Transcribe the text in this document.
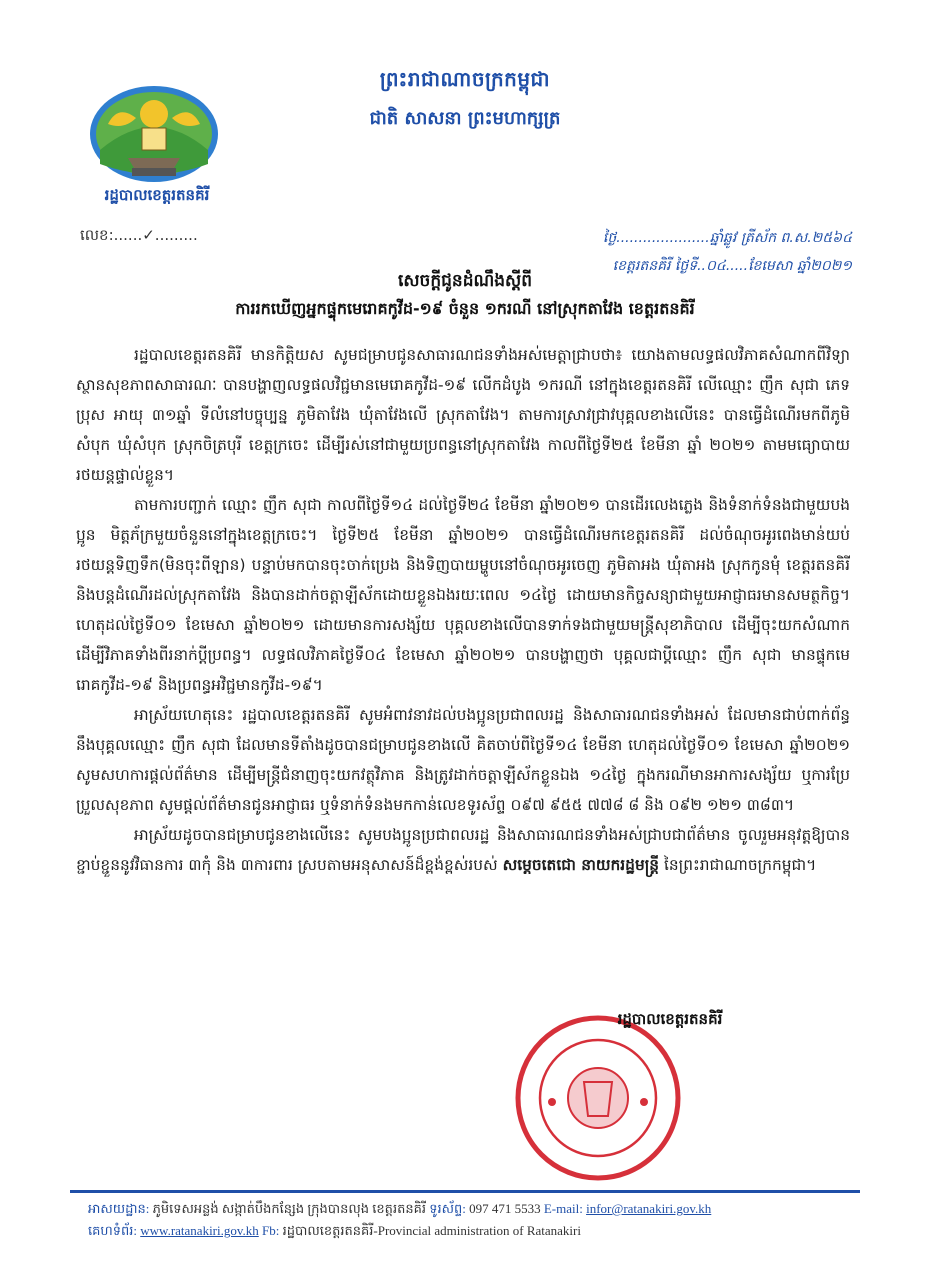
ព្រះរាជាណាចក្រកម្ពុជា
ជាតិ សាសនា ព្រះមហាក្សត្រ
រដ្ឋបាលខេត្តរតនគិរី
លេខ:......✓.........	ថ្ងៃ.....................ឆ្នាំឆ្លូវ ត្រីស័ក ព.ស.២៥៦៤
ខេត្តរតនគិរី ថ្ងៃទី..០៤.....ខែមេសា ឆ្នាំ២០២១
សេចក្តីជូនដំណឹងស្តីពី
ការរកឃើញអ្នកផ្ទុកមេរោគកូវីដ-១៩ ចំនួន ១ករណី នៅស្រុកតាវែង ខេត្តរតនគិរី

រដ្ឋបាលខេត្តរតនគិរី មានកិត្តិយស សូមជម្រាបជូនសាធារណជនទាំងអស់មេត្តាជ្រាបថា៖ យោងតាមលទ្ធផលវិភាគសំណាកពីវិទ្យាស្ថានសុខភាពសាធារណៈ បានបង្ហាញលទ្ធផលវិជ្ជមានមេរោគកូវីដ-១៩ លើកដំបូង ១ករណី នៅក្នុងខេត្តរតនគិរី លើឈ្មោះ ញឹក សុជា ភេទប្រុស អាយុ ៣១ឆ្នាំ ទីលំនៅបច្ចុប្បន្ន ភូមិតាវែង ឃុំតាវែងលើ ស្រុកតាវែង។ តាមការស្រាវជ្រាវបុគ្គលខាងលើនេះ បានធ្វើដំណើរមកពីភូមិសំបុក ឃុំសំបុក ស្រុកចិត្របុរី ខេត្តក្រចេះ ដើម្បីរស់នៅជាមួយប្រពន្ធនៅស្រុកតាវែង កាលពីថ្ងៃទី២៥ ខែមីនា ឆ្នាំ ២០២១ តាមមធ្យោបាយរថយន្តផ្ទាល់ខ្លួន។

តាមការបញ្ជាក់ ឈ្មោះ ញឹក សុជា កាលពីថ្ងៃទី១៤ ដល់ថ្ងៃទី២៤ ខែមីនា ឆ្នាំ២០២១ បានដើរលេងភ្លេង និងទំនាក់ទំនងជាមួយបងប្អូន មិត្តភ័ក្រមួយចំនួននៅក្នុងខេត្តក្រចេះ។ ថ្ងៃទី២៥ ខែមីនា ឆ្នាំ២០២១ បានធ្វើដំណើរមកខេត្តរតនគិរី ដល់ចំណុចអូរពេងមាន់យប់រថយន្តទិញទឹក(មិនចុះពីឡាន) បន្ទាប់មកបានចុះចាក់ប្រេង និងទិញបាយម្ហូបនៅចំណុចអូរចេញ ភូមិតាអង ឃុំតាអង ស្រុកកូនមុំ ខេត្តរតនគិរី និងបន្តដំណើរដល់ស្រុកតាវែង និងបានដាក់ចត្តាឡីស័កដោយខ្លួនឯងរយៈពេល ១៤ថ្ងៃ ដោយមានកិច្ចសន្យាជាមួយអាជ្ញាធរមានសមត្ថកិច្ច។ ហេតុដល់ថ្ងៃទី០១ ខែមេសា ឆ្នាំ២០២១ ដោយមានការសង្ស័យ បុគ្គលខាងលើបានទាក់ទងជាមួយមន្ត្រីសុខាភិបាល ដើម្បីចុះយកសំណាកដើម្បីវិភាគទាំងពីរនាក់ប្តីប្រពន្ធ។ លទ្ធផលវិភាគថ្ងៃទី០៤ ខែមេសា ឆ្នាំ២០២១ បានបង្ហាញថា បុគ្គលជាប្តីឈ្មោះ ញឹក សុជា មានផ្ទុកមេរោគកូវីដ-១៩ និងប្រពន្ធអវិជ្ជមានកូវីដ-១៩។

អាស្រ័យហេតុនេះ រដ្ឋបាលខេត្តរតនគិរី សូមអំពាវនាវដល់បងប្អូនប្រជាពលរដ្ឋ និងសាធារណជនទាំងអស់ ដែលមានជាប់ពាក់ព័ន្ធនឹងបុគ្គលឈ្មោះ ញឹក សុជា ដែលមានទីតាំងដូចបានជម្រាបជូនខាងលើ គិតចាប់ពីថ្ងៃទី១៤ ខែមីនា ហេតុដល់ថ្ងៃទី០១ ខែមេសា ឆ្នាំ២០២១ សូមសហការផ្តល់ព័ត៌មាន ដើម្បីមន្ត្រីជំនាញចុះយកវត្ថុវិភាគ និងត្រូវដាក់ចត្តាឡីស័កខ្លួនឯង ១៤ថ្ងៃ ក្នុងករណីមានអាការសង្ស័យ ឬការប្រែប្រួលសុខភាព សូមផ្តល់ព័ត៌មានជូនអាជ្ញាធរ ឬទំនាក់ទំនងមកកាន់លេខទូរស័ព្ទ ០៩៧ ៩៥៥ ៧៧៨ ៨ និង ០៩២ ១២១ ៣៨៣។

អាស្រ័យដូចបានជម្រាបជូនខាងលើនេះ សូមបងប្អូនប្រជាពលរដ្ឋ និងសាធារណជនទាំងអស់ជ្រាបជាព័ត៌មាន ចូលរួមអនុវត្តឱ្យបានខ្ជាប់ខ្ជួននូវវិធានការ ៣កុំ និង ៣ការពារ ស្របតាមអនុសាសន៍ដ៏ខ្ពង់ខ្ពស់របស់ សម្តេចតេជោ នាយករដ្ឋមន្ត្រី នៃព្រះរាជាណាចក្រកម្ពុជា។

រដ្ឋបាលខេត្តរតនគិរី
អាសយដ្ឋាន: ភូមិទេសអន្លង់ សង្កាត់បឹងកន្សែង ក្រុងបានលុង ខេត្តរតនគិរី ទូរស័ព្ទ: 097 471 5533 E-mail: infor@ratanakiri.gov.kh
គេហទំព័រ: www.ratanakiri.gov.kh Fb: រដ្ឋបាលខេត្តរតនគិរី-Provincial administration of Ratanakiri
